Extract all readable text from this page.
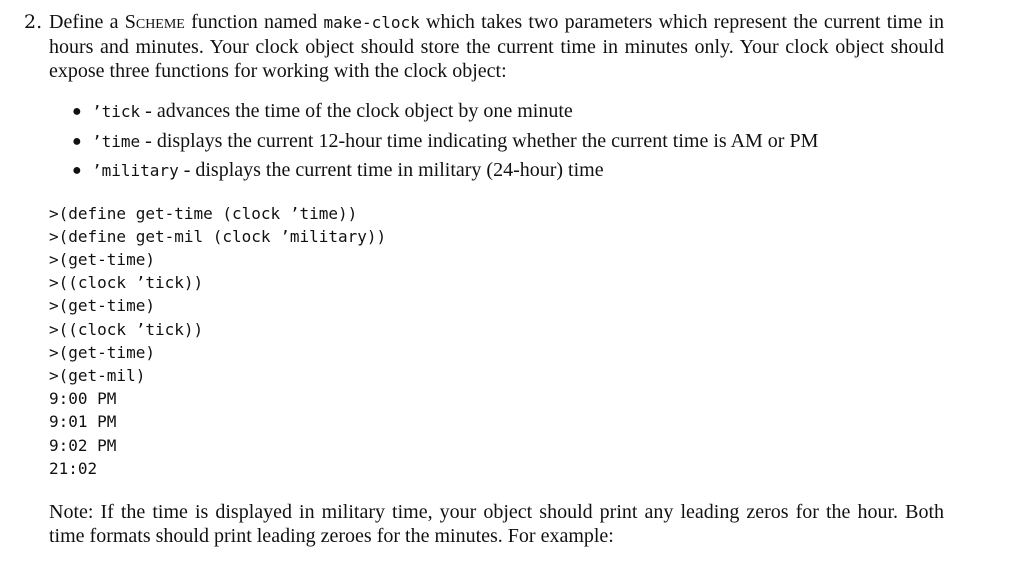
2. Define a Scheme function named make-clock which takes two parameters which represent the current time in hours and minutes. Your clock object should store the current time in minutes only. Your clock object should expose three functions for working with the clock object:
● ’tick - advances the time of the clock object by one minute
● ’time - displays the current 12-hour time indicating whether the current time is AM or PM
● ’military - displays the current time in military (24-hour) time
>(define get-time (clock ’time))
>(define get-mil (clock ’military))
>(get-time)
>((clock ’tick))
>(get-time)
>((clock ’tick))
>(get-time)
>(get-mil)
9:00 PM
9:01 PM
9:02 PM
21:02
Note: If the time is displayed in military time, your object should print any leading zeros for the hour. Both time formats should print leading zeroes for the minutes. For example:
